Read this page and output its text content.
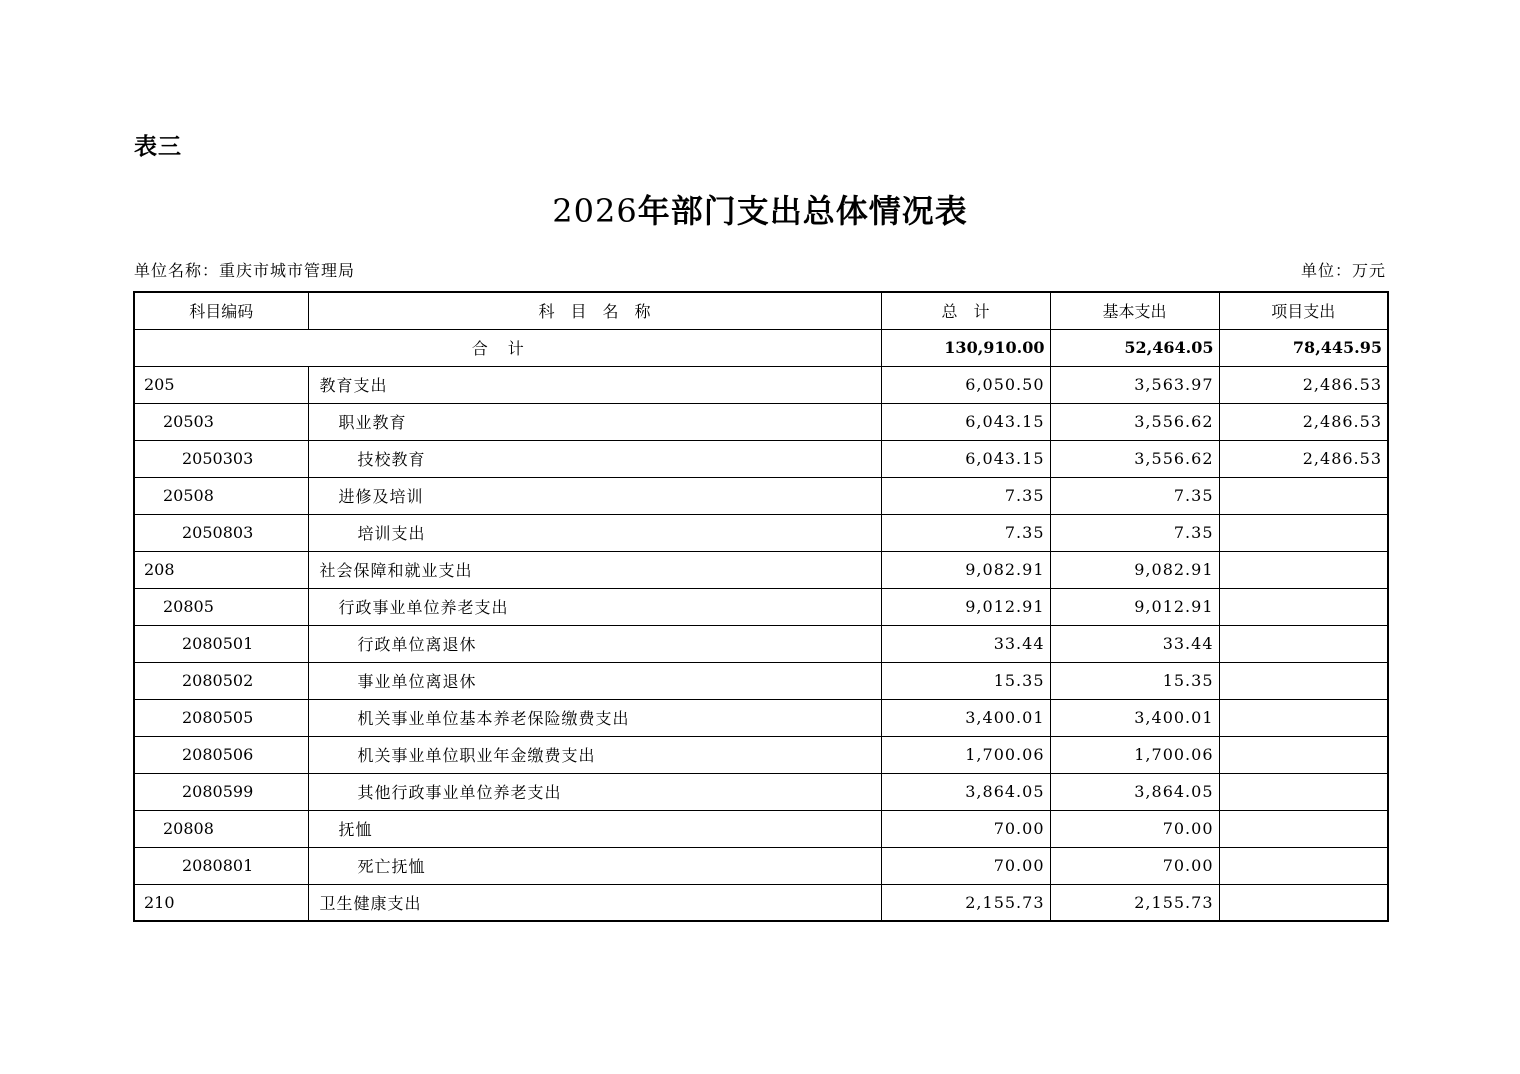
表三
2026年部门支出总体情况表
单位名称：重庆市城市管理局	单位：万元
科目编码	科　目　名　称	总　计	基本支出	项目支出
合计		130,910.00	52,464.05	78,445.95
205	教育支出	6,050.50	3,563.97	2,486.53
20503	职业教育	6,043.15	3,556.62	2,486.53
2050303	技校教育	6,043.15	3,556.62	2,486.53
20508	进修及培训	7.35	7.35	
2050803	培训支出	7.35	7.35	
208	社会保障和就业支出	9,082.91	9,082.91	
20805	行政事业单位养老支出	9,012.91	9,012.91	
2080501	行政单位离退休	33.44	33.44	
2080502	事业单位离退休	15.35	15.35	
2080505	机关事业单位基本养老保险缴费支出	3,400.01	3,400.01	
2080506	机关事业单位职业年金缴费支出	1,700.06	1,700.06	
2080599	其他行政事业单位养老支出	3,864.05	3,864.05	
20808	抚恤	70.00	70.00	
2080801	死亡抚恤	70.00	70.00	
210	卫生健康支出	2,155.73	2,155.73	
